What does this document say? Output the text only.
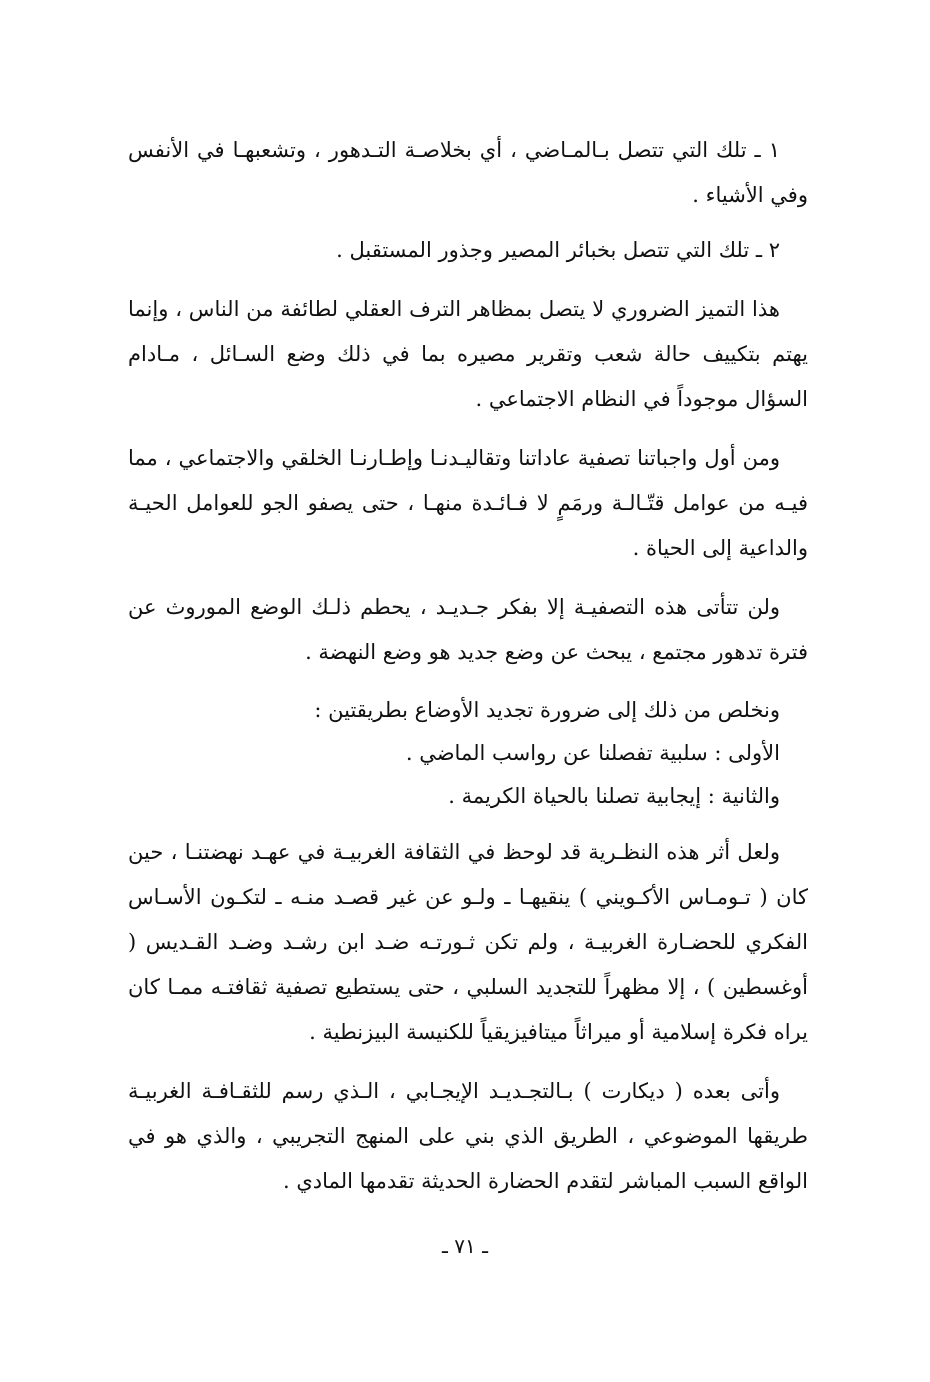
١ ـ تلك التي تتصل بـالمـاضي ، أي بخلاصـة التـدهور ، وتشعبهـا في الأنفس وفي الأشياء .

٢ ـ تلك التي تتصل بخبائر المصير وجذور المستقبل .

هذا التميز الضروري لا يتصل بمظاهر الترف العقلي لطائفة من الناس ، وإنما يهتم بتكييف حالة شعب وتقرير مصيره بما في ذلك وضع السـائل ، مـادام السؤال موجوداً في النظام الاجتماعي .

ومن أول واجباتنا تصفية عاداتنا وتقاليـدنـا وإطـارنـا الخلقي والاجتماعي ، مما فيـه من عوامل قتّـالـة ورمَمٍ لا فـائـدة منهـا ، حتى يصفو الجو للعوامل الحيـة والداعية إلى الحياة .

ولن تتأتى هذه التصفيـة إلا بفكر جـديـد ، يحطم ذلـك الوضع الموروث عن فترة تدهور مجتمع ، يبحث عن وضع جديد هو وضع النهضة .

ونخلص من ذلك إلى ضرورة تجديد الأوضاع بطريقتين :
الأولى : سلبية تفصلنا عن رواسب الماضي .
والثانية : إيجابية تصلنا بالحياة الكريمة .

ولعل أثر هذه النظـرية قد لوحظ في الثقافة الغربيـة في عهـد نهضتنـا ، حين كان ( تـومـاس الأكـويني ) ينقيهـا ـ ولـو عن غير قصـد منـه ـ لتكـون الأسـاس الفكري للحضـارة الغربيـة ، ولم تكن ثـورتـه ضـد ابن رشـد وضـد القـديس ( أوغسطين ) ، إلا مظهراً للتجديد السلبي ، حتى يستطيع تصفية ثقافتـه ممـا كان يراه فكرة إسلامية أو ميراثاً ميتافيزيقياً للكنيسة البيزنطية .

وأتى بعده ( ديكارت ) بـالتجـديـد الإيجـابي ، الـذي رسم للثقـافـة الغربيـة طريقها الموضوعي ، الطريق الذي بني على المنهج التجريبي ، والذي هو في الواقع السبب المباشر لتقدم الحضارة الحديثة تقدمها المادي .

ـ ٧١ ـ
